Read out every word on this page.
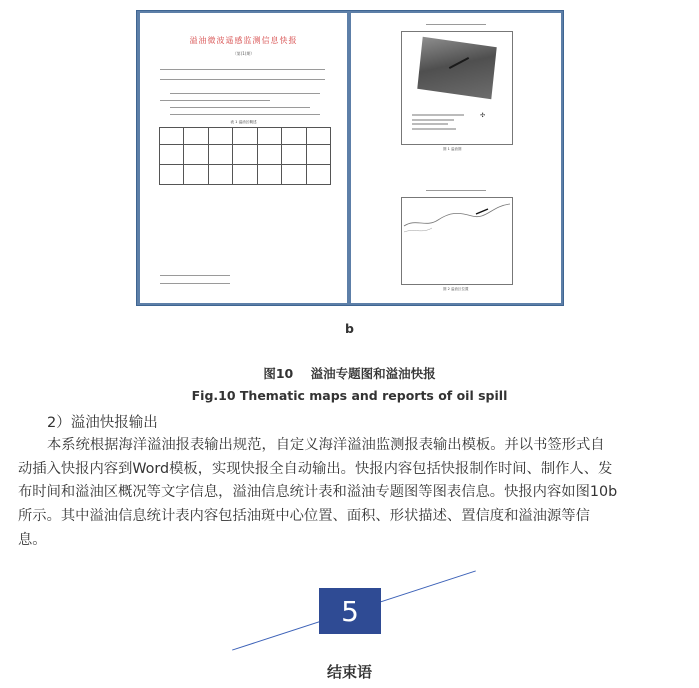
溢油微波遥感监测信息快报
（第(1)期）
表 1 溢油区概述

✣
图 1 溢油图
图 2 溢油区位置
b
图10    溢油专题图和溢油快报
Fig.10 Thematic maps and reports of oil spill
2）溢油快报输出
本系统根据海洋溢油报表输出规范，自定义海洋溢油监测报表输出模板。并以书签形式自
动插入快报内容到Word模板，实现快报全自动输出。快报内容包括快报制作时间、制作人、发
布时间和溢油区概况等文字信息，溢油信息统计表和溢油专题图等图表信息。快报内容如图10b
所示。其中溢油信息统计表内容包括油斑中心位置、面积、形状描述、置信度和溢油源等信
息。
5
结束语
